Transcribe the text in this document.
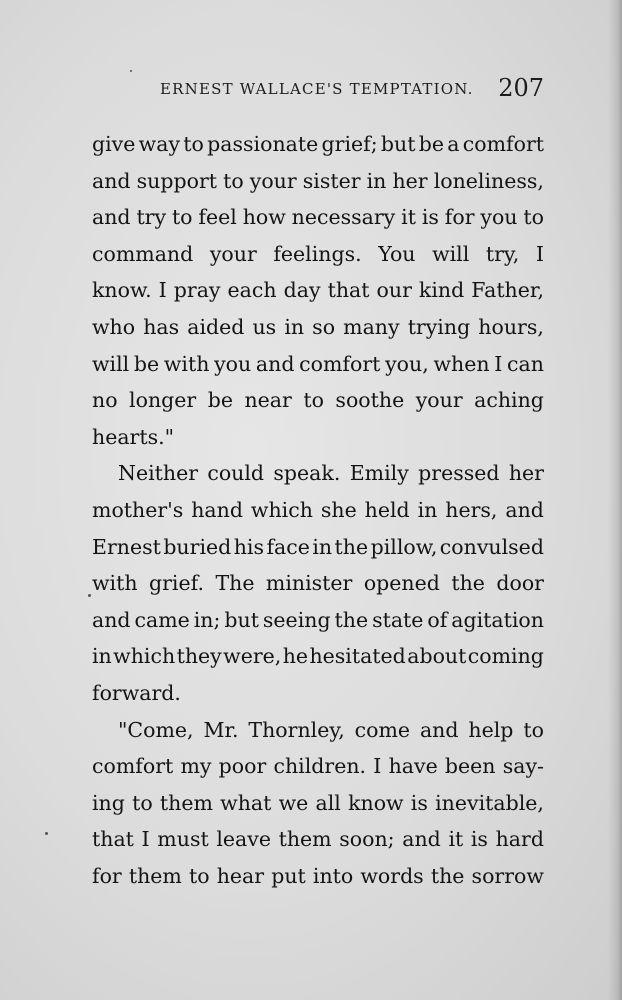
ERNEST WALLACE'S TEMPTATION. 207
give way to passionate grief; but be a comfort
and support to your sister in her loneliness,
and try to feel how necessary it is for you to
command your feelings. You will try, I
know. I pray each day that our kind Father,
who has aided us in so many trying hours,
will be with you and comfort you, when I can
no longer be near to soothe your aching
hearts."
Neither could speak. Emily pressed her
mother's hand which she held in hers, and
Ernest buried his face in the pillow, convulsed
with grief. The minister opened the door
and came in; but seeing the state of agitation
in which they were, he hesitated about coming
forward.
"Come, Mr. Thornley, come and help to
comfort my poor children. I have been say-
ing to them what we all know is inevitable,
that I must leave them soon; and it is hard
for them to hear put into words the sorrow
